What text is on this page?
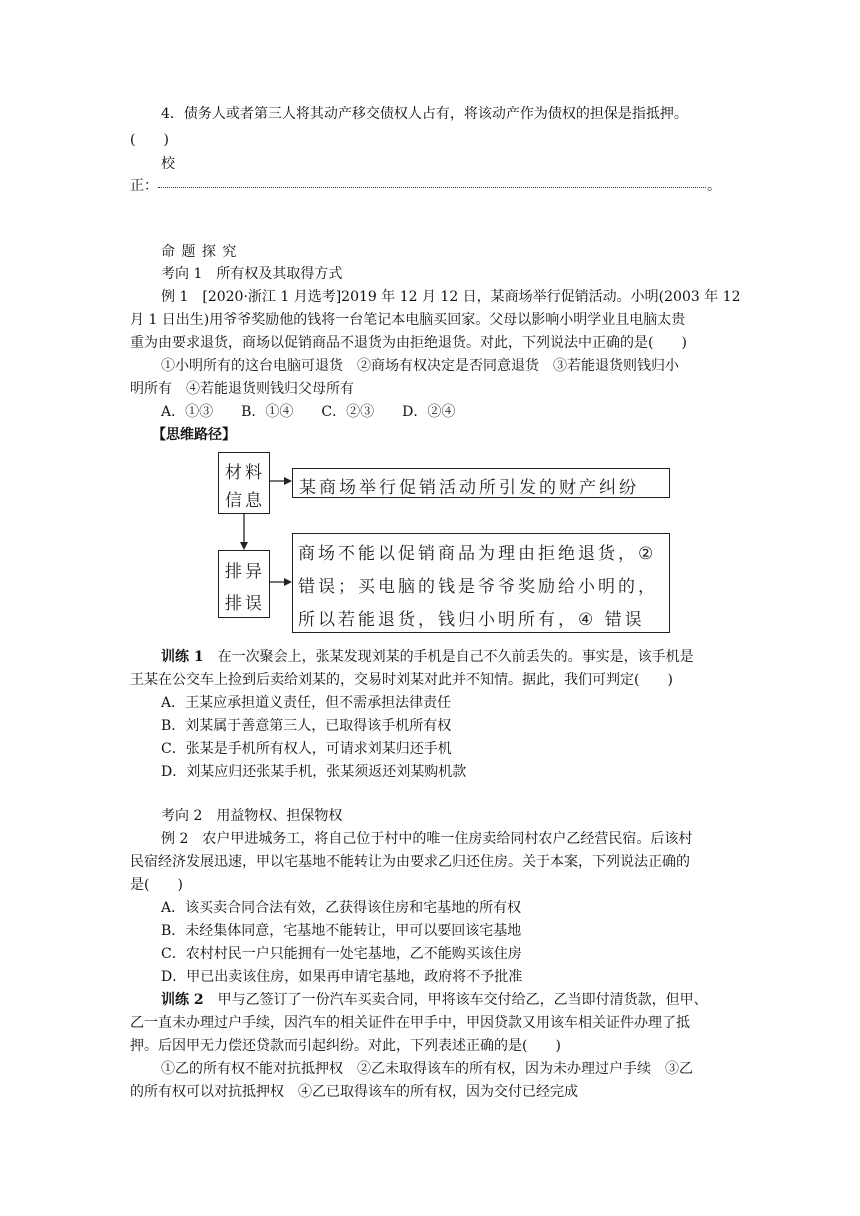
4．债务人或者第三人将其动产移交债权人占有，将该动产作为债权的担保是指抵押。
(　　)
校
正：	。
命 题 探 究
考向 1　所有权及其取得方式
例 1　[2020·浙江 1 月选考]2019 年 12 月 12 日，某商场举行促销活动。小明(2003 年 12
月 1 日出生)用爷爷奖励他的钱将一台笔记本电脑买回家。父母以影响小明学业且电脑太贵
重为由要求退货，商场以促销商品不退货为由拒绝退货。对此，下列说法中正确的是(　　)
①小明所有的这台电脑可退货　②商场有权决定是否同意退货　③若能退货则钱归小
明所有　④若能退货则钱归父母所有
A．①③　　B．①④　　C．②③　　D．②④
【思维路径】
材料
信息
某商场举行促销活动所引发的财产纠纷
排异
排误
商场不能以促销商品为理由拒绝退货，②
错误；买电脑的钱是爷爷奖励给小明的，
所以若能退货，钱归小明所有，④ 错误
训练 1　在一次聚会上，张某发现刘某的手机是自己不久前丢失的。事实是，该手机是
王某在公交车上捡到后卖给刘某的，交易时刘某对此并不知情。据此，我们可判定(　　)
A．王某应承担道义责任，但不需承担法律责任
B．刘某属于善意第三人，已取得该手机所有权
C．张某是手机所有权人，可请求刘某归还手机
D．刘某应归还张某手机，张某须返还刘某购机款
考向 2　用益物权、担保物权
例 2　农户甲进城务工，将自己位于村中的唯一住房卖给同村农户乙经营民宿。后该村
民宿经济发展迅速，甲以宅基地不能转让为由要求乙归还住房。关于本案，下列说法正确的
是(　　)
A．该买卖合同合法有效，乙获得该住房和宅基地的所有权
B．未经集体同意，宅基地不能转让，甲可以要回该宅基地
C．农村村民一户只能拥有一处宅基地，乙不能购买该住房
D．甲已出卖该住房，如果再申请宅基地，政府将不予批准
训练 2　甲与乙签订了一份汽车买卖合同，甲将该车交付给乙，乙当即付清货款，但甲、
乙一直未办理过户手续，因汽车的相关证件在甲手中，甲因贷款又用该车相关证件办理了抵
押。后因甲无力偿还贷款而引起纠纷。对此，下列表述正确的是(　　)
①乙的所有权不能对抗抵押权　②乙未取得该车的所有权，因为未办理过户手续　③乙
的所有权可以对抗抵押权　④乙已取得该车的所有权，因为交付已经完成
